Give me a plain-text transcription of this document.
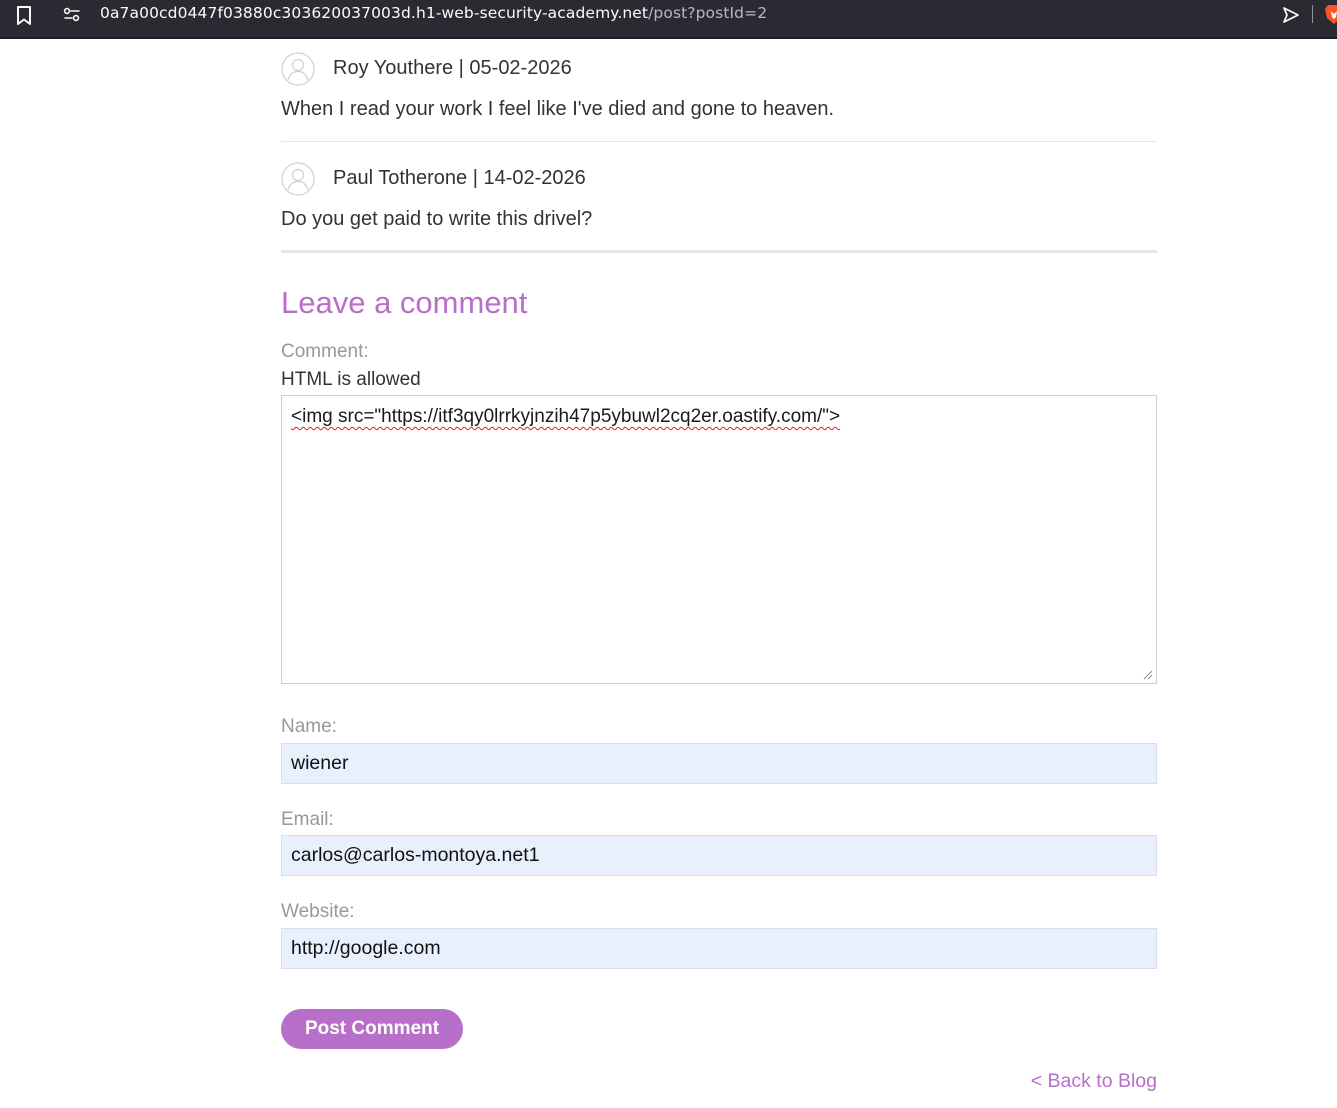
0a7a00cd0447f03880c303620037003d.h1-web-security-academy.net/post?postId=2
Roy Youthere | 05-02-2026
When I read your work I feel like I've died and gone to heaven.
Paul Totherone | 14-02-2026
Do you get paid to write this drivel?
Leave a comment
Comment:
HTML is allowed
<img src="https://itf3qy0lrrkyjnzih47p5ybuwl2cq2er.oastify.com/">
Name:
wiener
Email:
carlos@carlos-montoya.net1
Website:
http://google.com
Post Comment
< Back to Blog
